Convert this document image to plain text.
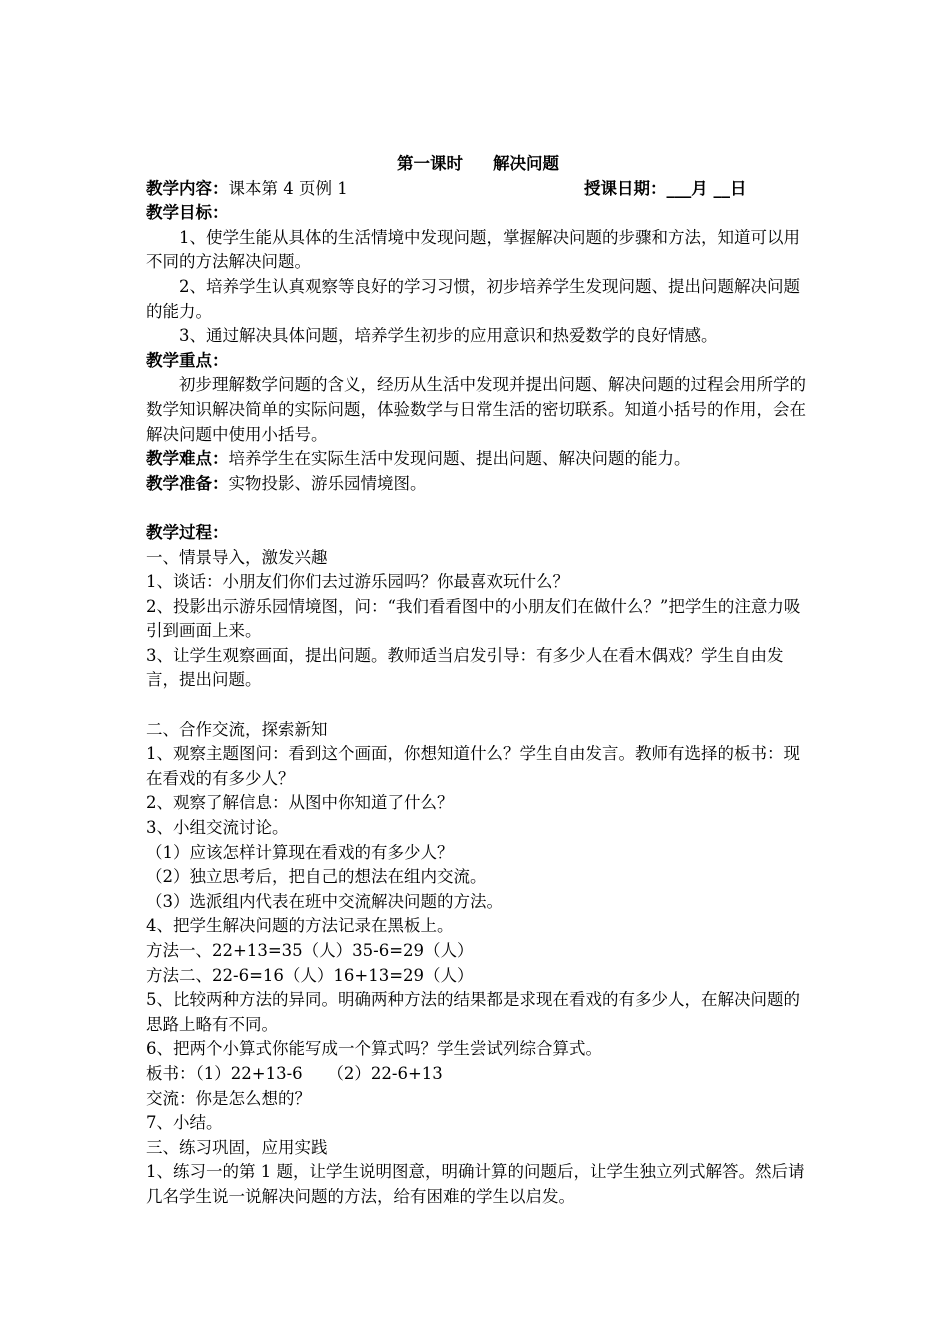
第一课时 解决问题

教学内容：课本第 4 页例 1	授课日期：___月 __日

教学目标：

1、使学生能从具体的生活情境中发现问题，掌握解决问题的步骤和方法，知道可以用不同的方法解决问题。

2、培养学生认真观察等良好的学习习惯，初步培养学生发现问题、提出问题解决问题的能力。

3、通过解决具体问题，培养学生初步的应用意识和热爱数学的良好情感。

教学重点：

初步理解数学问题的含义，经历从生活中发现并提出问题、解决问题的过程会用所学的数学知识解决简单的实际问题，体验数学与日常生活的密切联系。知道小括号的作用，会在解决问题中使用小括号。

教学难点：培养学生在实际生活中发现问题、提出问题、解决问题的能力。

教学准备：实物投影、游乐园情境图。

教学过程：

一、情景导入，激发兴趣

1、谈话：小朋友们你们去过游乐园吗？你最喜欢玩什么？

2、投影出示游乐园情境图，问：“我们看看图中的小朋友们在做什么？”把学生的注意力吸引到画面上来。

3、让学生观察画面，提出问题。教师适当启发引导：有多少人在看木偶戏？学生自由发言，提出问题。

二、合作交流，探索新知

1、观察主题图问：看到这个画面，你想知道什么？学生自由发言。教师有选择的板书：现在看戏的有多少人？

2、观察了解信息：从图中你知道了什么？

3、小组交流讨论。

（1）应该怎样计算现在看戏的有多少人？

（2）独立思考后，把自己的想法在组内交流。

（3）选派组内代表在班中交流解决问题的方法。

4、把学生解决问题的方法记录在黑板上。

方法一、22+13=35（人）35-6=29（人）

方法二、22-6=16（人）16+13=29（人）

5、比较两种方法的异同。明确两种方法的结果都是求现在看戏的有多少人，在解决问题的思路上略有不同。

6、把两个小算式你能写成一个算式吗？学生尝试列综合算式。

板书：（1）22+13-6　　（2）22-6+13

交流：你是怎么想的？

7、小结。

三、练习巩固，应用实践

1、练习一的第 1 题，让学生说明图意，明确计算的问题后，让学生独立列式解答。然后请几名学生说一说解决问题的方法，给有困难的学生以启发。
